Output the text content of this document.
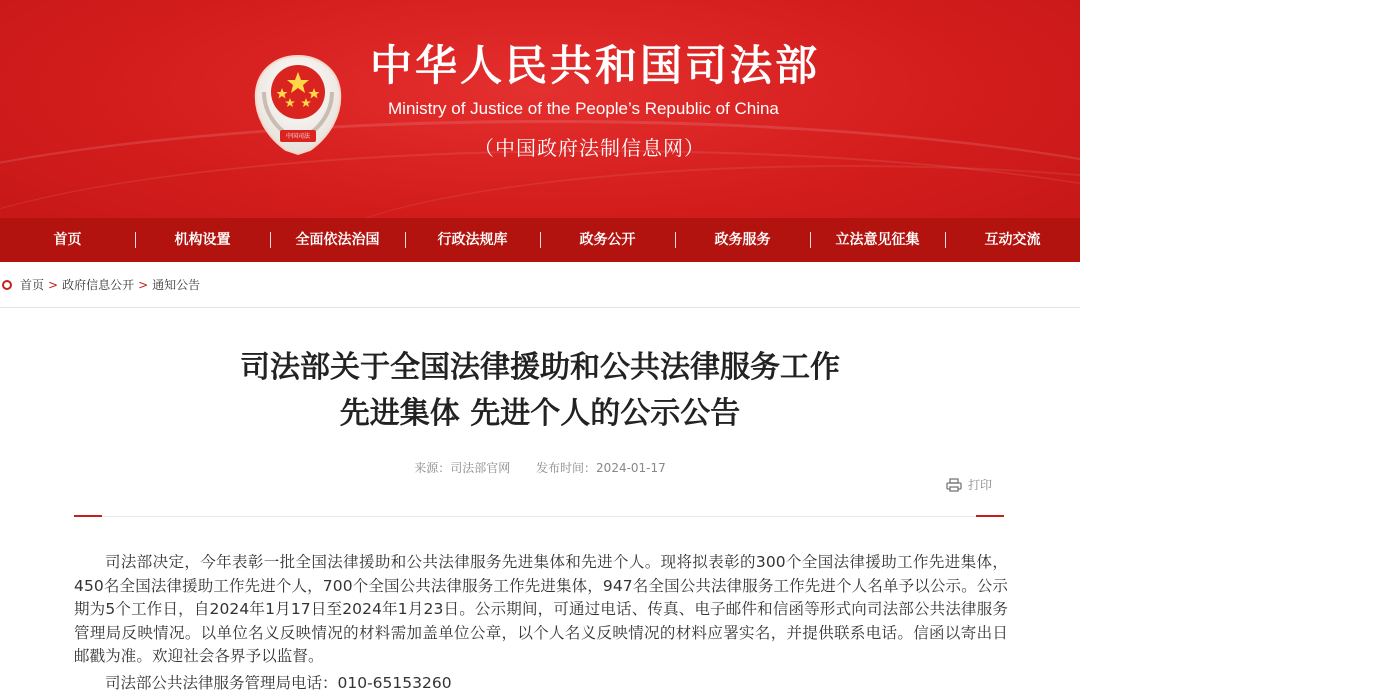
中国司法
中华人民共和国司法部
Ministry of Justice of the People’s Republic of China
（中国政府法制信息网）
首页	机构设置	全面依法治国	行政法规库	政务公开	政务服务	立法意见征集	互动交流
首页 > 政府信息公开 > 通知公告
司法部关于全国法律援助和公共法律服务工作
先进集体 先进个人的公示公告
来源：司法部官网 发布时间：2024-01-17
打印

司法部决定，今年表彰一批全国法律援助和公共法律服务先进集体和先进个人。现将拟表彰的300个全国法律援助工作先进集体，450名全国法律援助工作先进个人，700个全国公共法律服务工作先进集体，947名全国公共法律服务工作先进个人名单予以公示。公示期为5个工作日，自2024年1月17日至2024年1月23日。公示期间，可通过电话、传真、电子邮件和信函等形式向司法部公共法律服务管理局反映情况。以单位名义反映情况的材料需加盖单位公章，以个人名义反映情况的材料应署实名，并提供联系电话。信函以寄出日邮戳为准。欢迎社会各界予以监督。

司法部公共法律服务管理局电话：010-65153260
